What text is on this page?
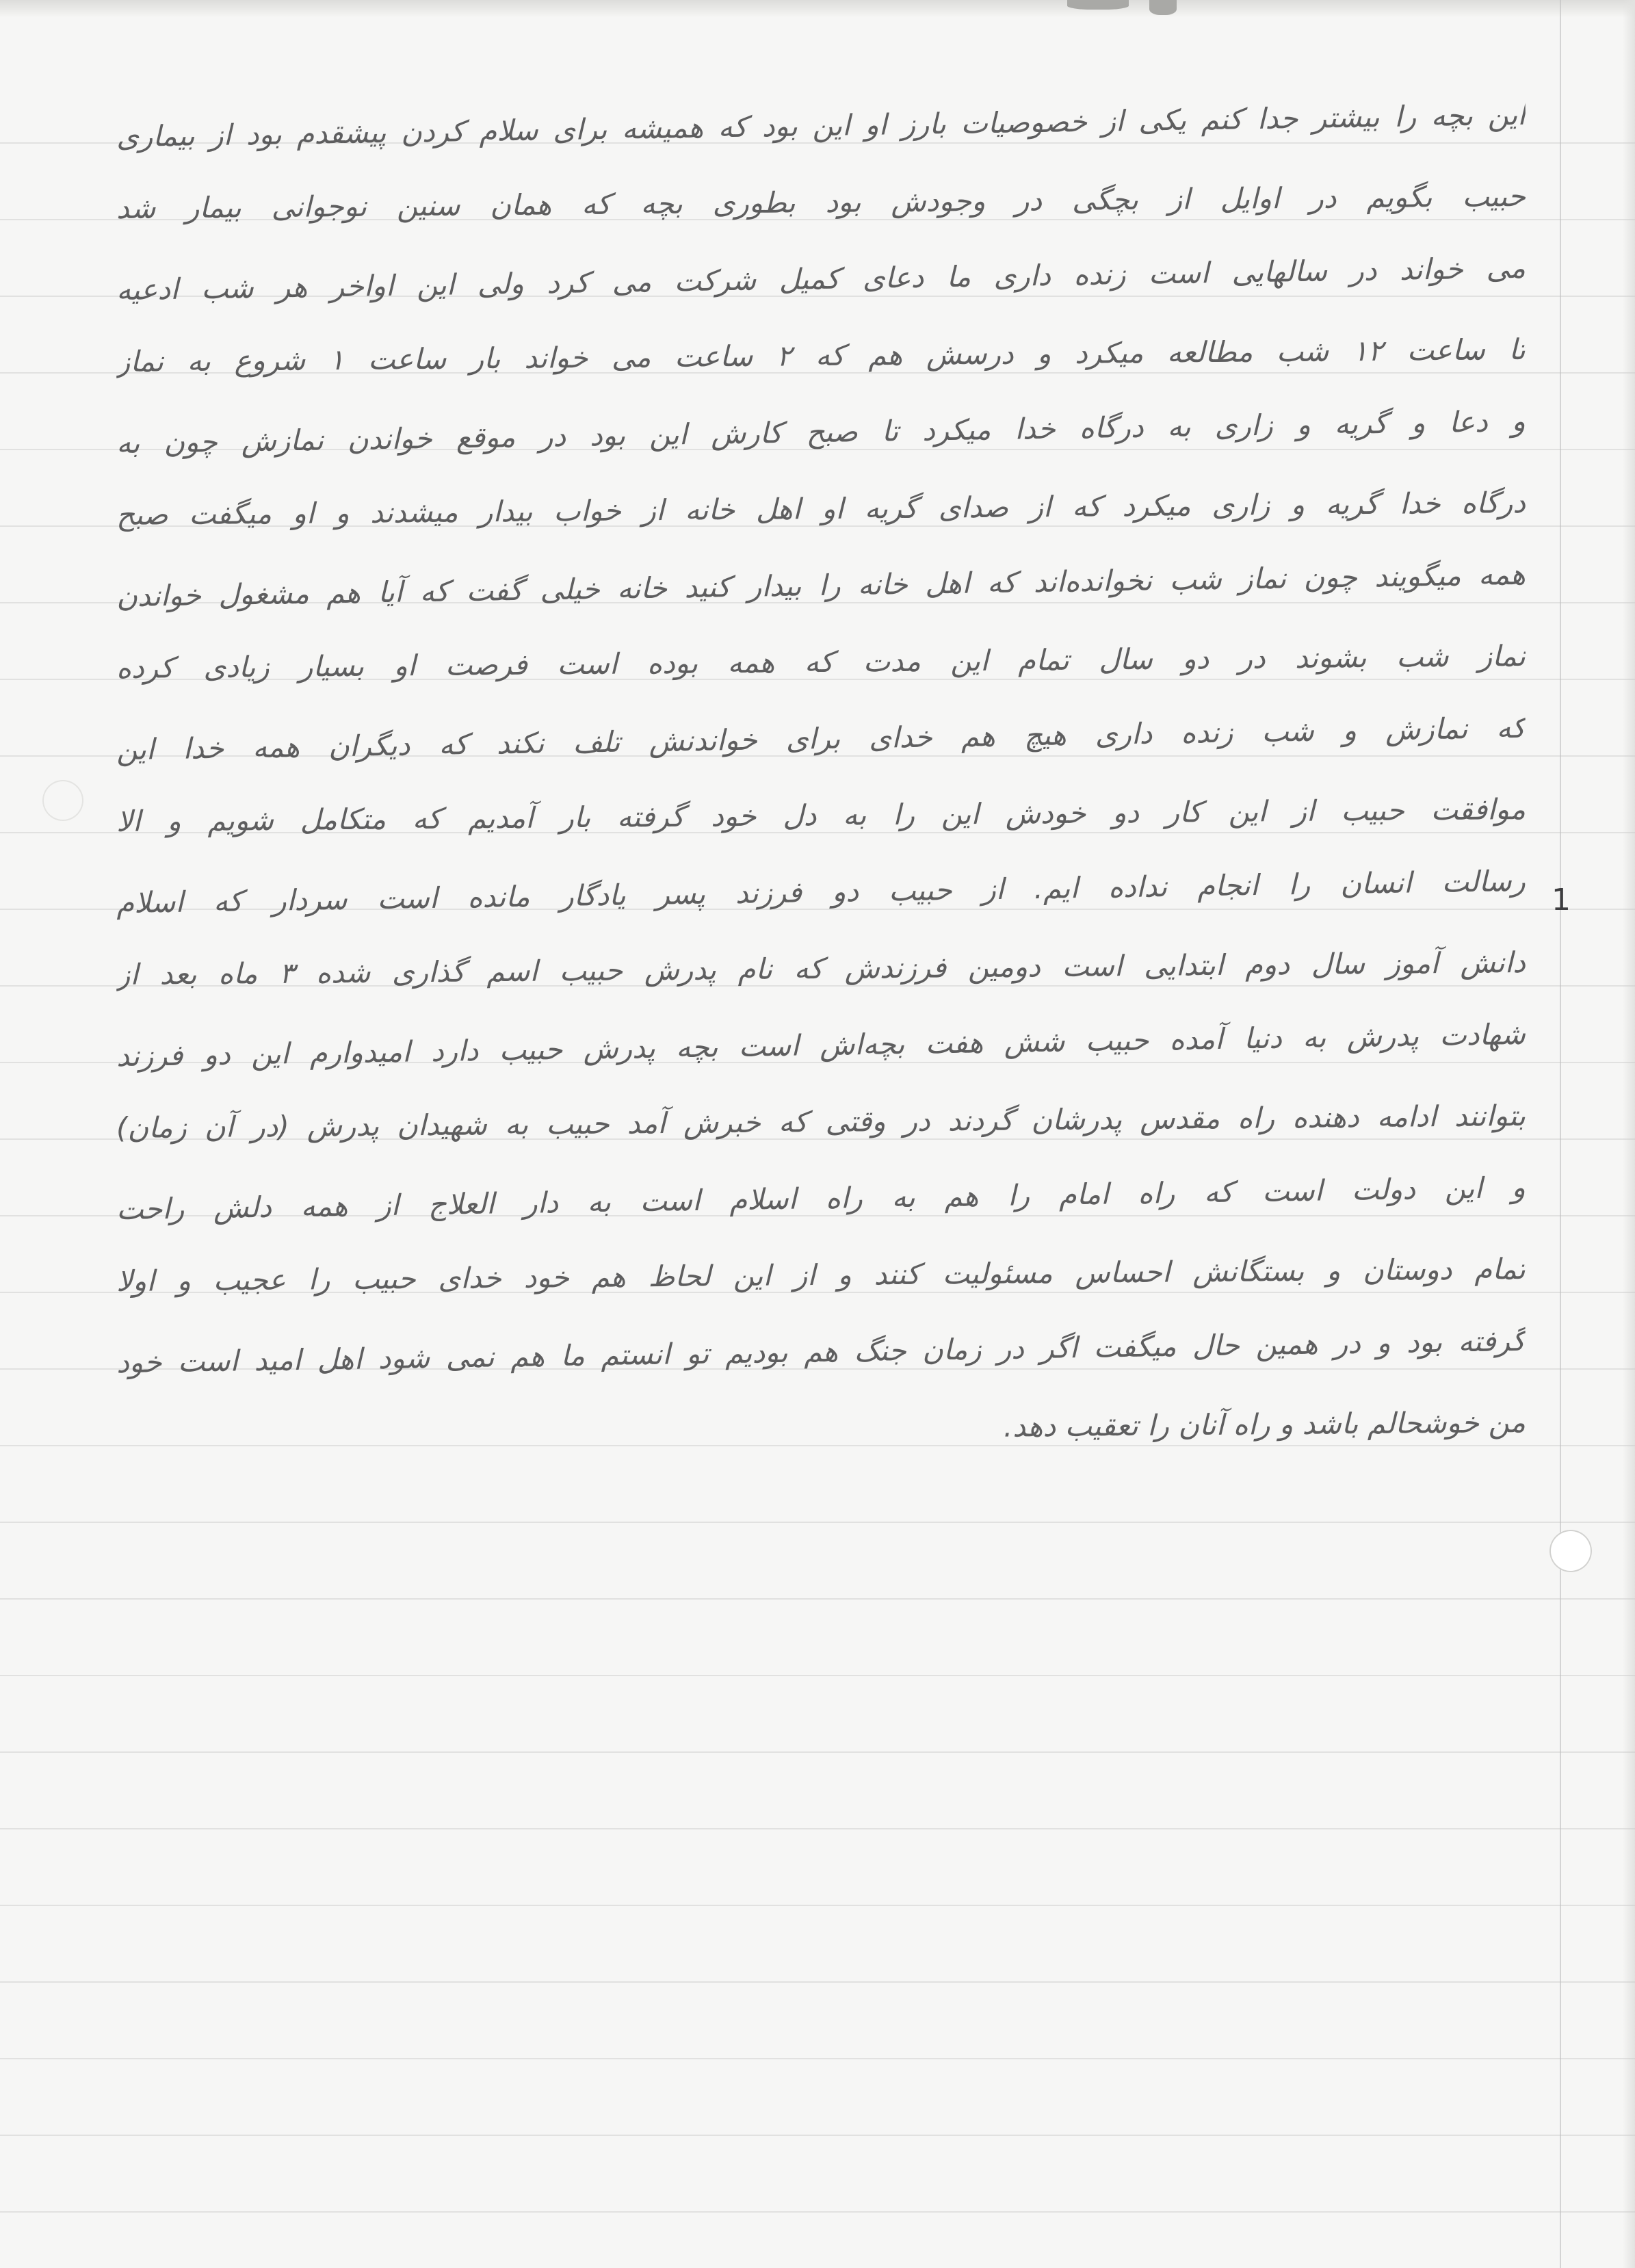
این بچه را بیشتر جدا کنم یکی از خصوصیات بارز او این بود که همیشه برای سلام کردن پیشقدم بود از بیماری
حبیب بگویم در اوایل از بچگی در وجودش بود بطوری بچه که همان سنین نوجوانی بیمار شد
می خواند در سالهایی است زنده داری ما دعای کمیل شرکت می کرد ولی این اواخر هر شب ادعیه
تا ساعت ۱۲ شب مطالعه میکرد و درسش هم که ۲ ساعت می خواند بار ساعت ۱ شروع به نماز
و دعا و گریه و زاری به درگاه خدا میکرد تا صبح کارش این بود در موقع خواندن نمازش چون به
درگاه خدا گریه و زاری میکرد که از صدای گریه او اهل خانه از خواب بیدار میشدند و او میگفت صبح
همه میگویند چون نماز شب نخوانده‌اند که اهل خانه را بیدار کنید خانه خیلی گفت که آیا هم مشغول خواندن
نماز شب بشوند در دو سال تمام این مدت که همه بوده است فرصت او بسیار زیادی کرده
که نمازش و شب زنده داری هیچ هم خدای برای خواندنش تلف نکند که دیگران همه خدا این
موافقت حبیب از این کار دو خودش این را به دل خود گرفته بار آمدیم که متکامل شویم و الا
رسالت انسان را انجام نداده ایم. از حبیب دو فرزند پسر یادگار مانده است سردار که اسلام
دانش آموز سال دوم ابتدایی است دومین فرزندش که نام پدرش حبیب اسم گذاری شده ۳ ماه بعد از
شهادت پدرش به دنیا آمده حبیب شش هفت بچه‌اش است بچه پدرش حبیب دارد امیدوارم این دو فرزند
بتوانند ادامه دهنده راه مقدس پدرشان گردند در وقتی که خبرش آمد حبیب به شهیدان پدرش (در آن زمان)
و این دولت است که راه امام را هم به راه اسلام است به دار العلاج از همه دلش راحت
تمام دوستان و بستگانش احساس مسئولیت کنند و از این لحاظ هم خود خدای حبیب را عجیب و اولا
گرفته بود و در همین حال میگفت اگر در زمان جنگ هم بودیم تو انستم ما هم نمی شود اهل امید است خود
من خوشحالم باشد و راه آنان را تعقیب دهد.
1
